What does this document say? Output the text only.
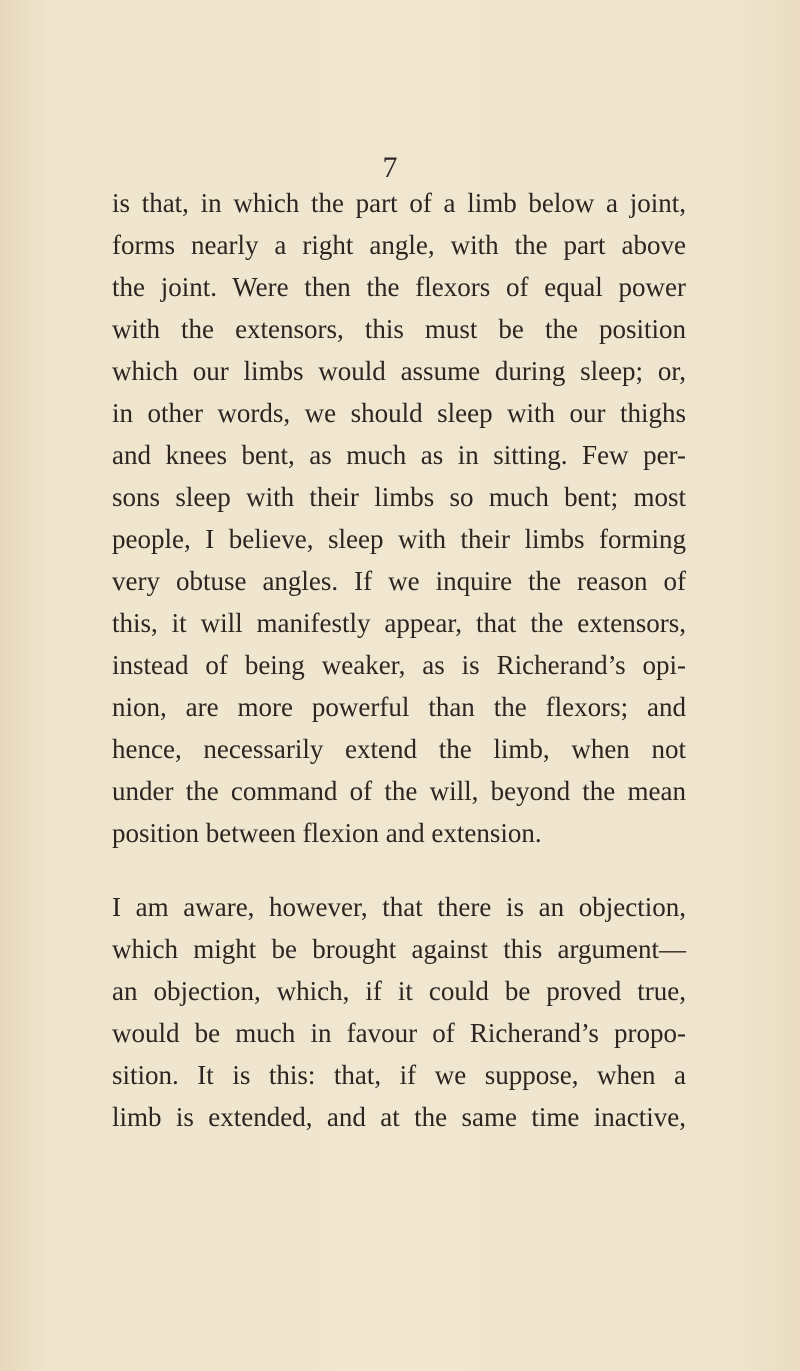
7
is that, in which the part of a limb below a joint,
forms nearly a right angle, with the part above
the joint. Were then the flexors of equal power
with the extensors, this must be the position
which our limbs would assume during sleep; or,
in other words, we should sleep with our thighs
and knees bent, as much as in sitting. Few per-
sons sleep with their limbs so much bent; most
people, I believe, sleep with their limbs forming
very obtuse angles. If we inquire the reason of
this, it will manifestly appear, that the extensors,
instead of being weaker, as is Richerand’s opi-
nion, are more powerful than the flexors; and
hence, necessarily extend the limb, when not
under the command of the will, beyond the mean
position between flexion and extension.
I am aware, however, that there is an objection,
which might be brought against this argument—
an objection, which, if it could be proved true,
would be much in favour of Richerand’s propo-
sition. It is this: that, if we suppose, when a
limb is extended, and at the same time inactive,
